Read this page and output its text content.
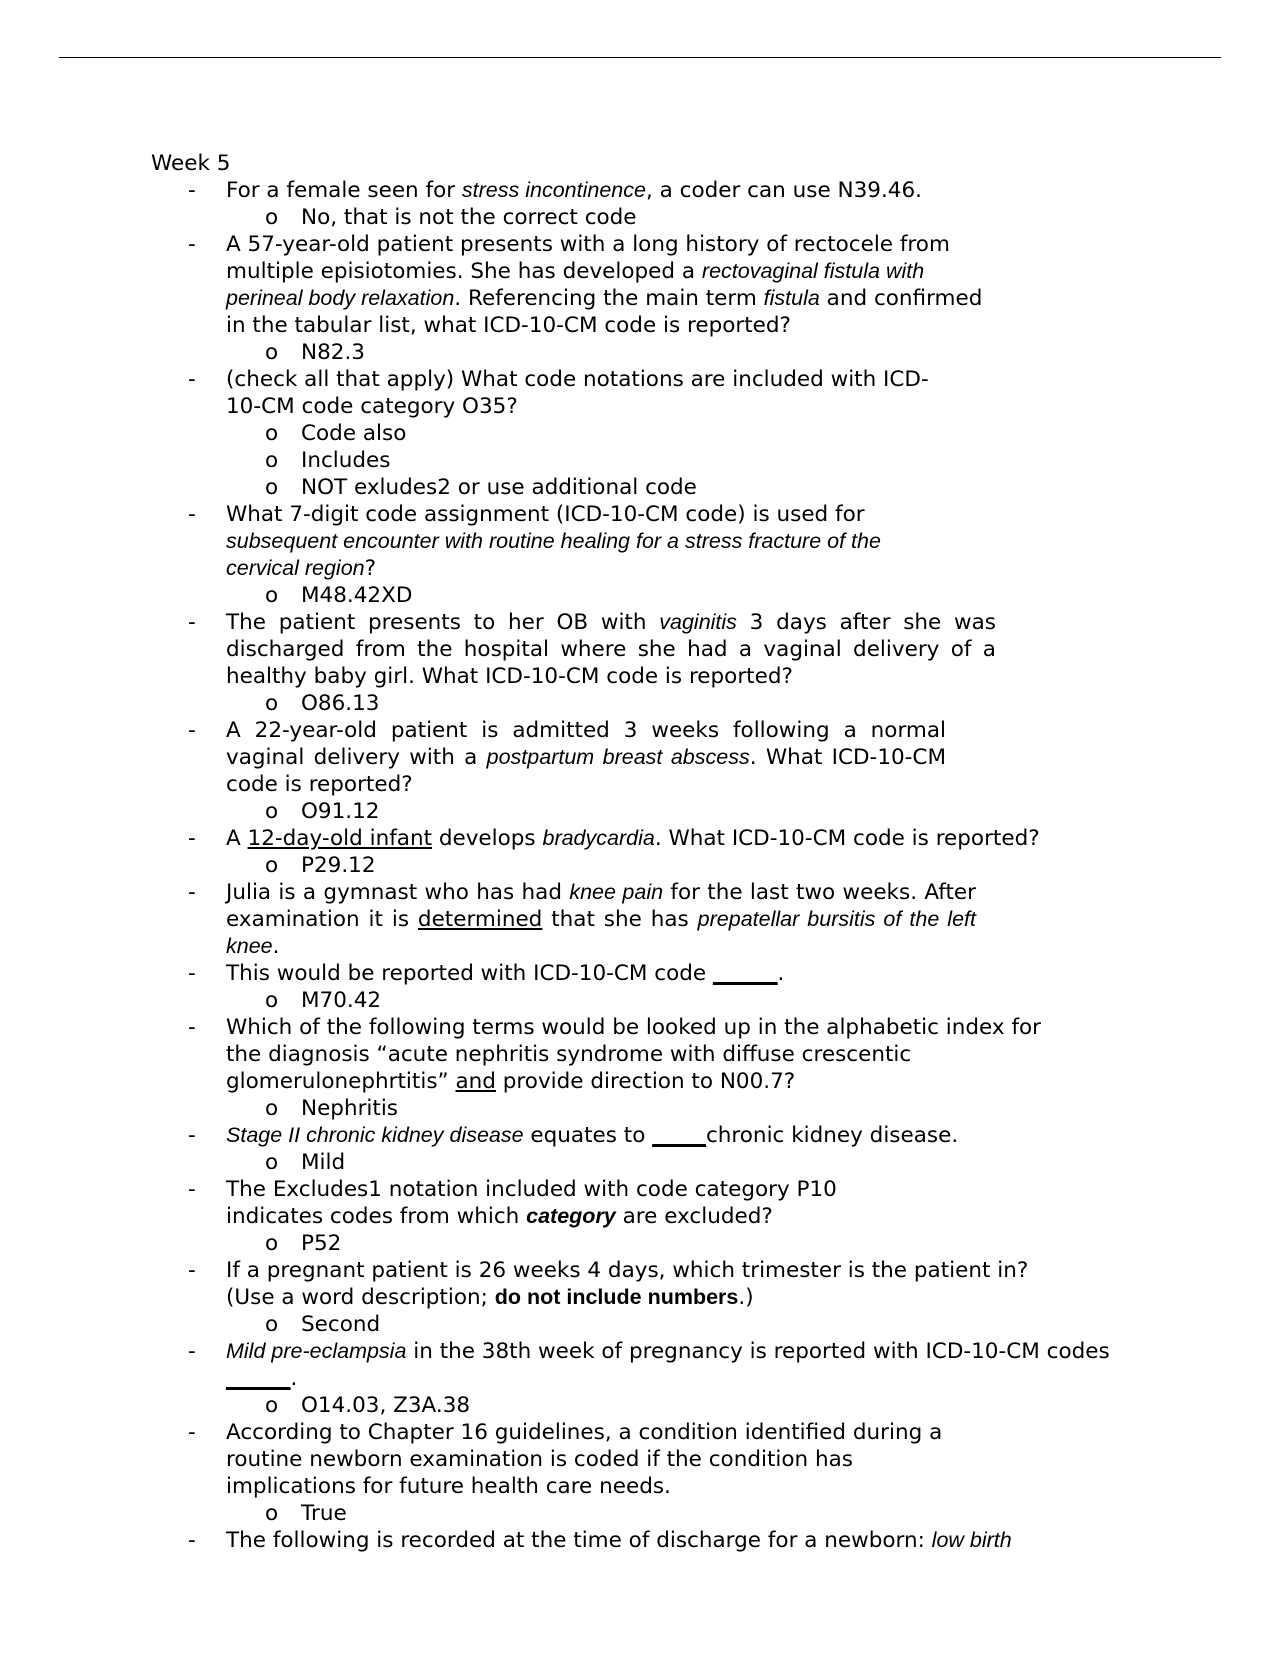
Week 5
- For a female seen for stress incontinence, a coder can use N39.46.
o No, that is not the correct code
- A 57-year-old patient presents with a long history of rectocele from multiple episiotomies. She has developed a rectovaginal fistula with perineal body relaxation. Referencing the main term fistula and confirmed in the tabular list, what ICD-10-CM code is reported?
o N82.3
- (check all that apply) What code notations are included with ICD-10-CM code category O35?
o Code also
o Includes
o NOT exludes2 or use additional code
- What 7-digit code assignment (ICD-10-CM code) is used for subsequent encounter with routine healing for a stress fracture of the cervical region?
o M48.42XD
- The patient presents to her OB with vaginitis 3 days after she was discharged from the hospital where she had a vaginal delivery of a healthy baby girl. What ICD-10-CM code is reported?
o O86.13
- A 22-year-old patient is admitted 3 weeks following a normal vaginal delivery with a postpartum breast abscess. What ICD-10-CM code is reported?
o O91.12
- A 12-day-old infant develops bradycardia. What ICD-10-CM code is reported?
o P29.12
- Julia is a gymnast who has had knee pain for the last two weeks. After examination it is determined that she has prepatellar bursitis of the left knee.
- This would be reported with ICD-10-CM code ______.
o M70.42
- Which of the following terms would be looked up in the alphabetic index for the diagnosis “acute nephritis syndrome with diffuse crescentic glomerulonephrtitis” and provide direction to N00.7?
o Nephritis
- Stage II chronic kidney disease equates to _____chronic kidney disease.
o Mild
- The Excludes1 notation included with code category P10 indicates codes from which category are excluded?
o P52
- If a pregnant patient is 26 weeks 4 days, which trimester is the patient in? (Use a word description; do not include numbers.)
o Second
- Mild pre-eclampsia in the 38th week of pregnancy is reported with ICD-10-CM codes
______.
o O14.03, Z3A.38
- According to Chapter 16 guidelines, a condition identified during a routine newborn examination is coded if the condition has implications for future health care needs.
o True
- The following is recorded at the time of discharge for a newborn: low birth
